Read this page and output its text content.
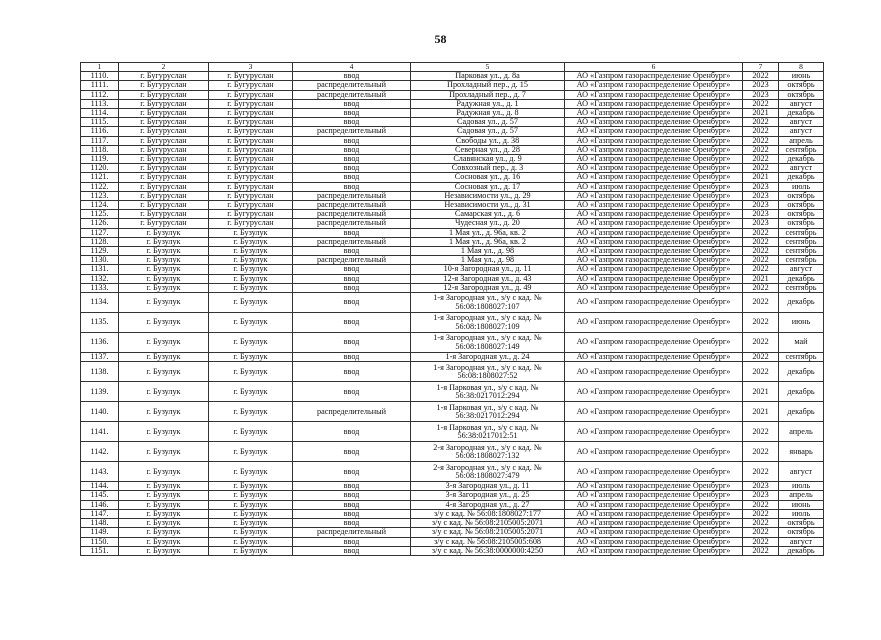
58
1	2	3	4	5	6	7	8
1110.	г. Бугуруслан	г. Бугуруслан	ввод	Парковая ул., д. 8а	АО «Газпром газораспределение Оренбург»	2022	июнь
1111.	г. Бугуруслан	г. Бугуруслан	распределительный	Прохладный пер., д. 15	АО «Газпром газораспределение Оренбург»	2023	октябрь
1112.	г. Бугуруслан	г. Бугуруслан	распределительный	Прохладный пер., д. 7	АО «Газпром газораспределение Оренбург»	2023	октябрь
1113.	г. Бугуруслан	г. Бугуруслан	ввод	Радужная ул., д. 1	АО «Газпром газораспределение Оренбург»	2022	август
1114.	г. Бугуруслан	г. Бугуруслан	ввод	Радужная ул., д. 8	АО «Газпром газораспределение Оренбург»	2021	декабрь
1115.	г. Бугуруслан	г. Бугуруслан	ввод	Садовая ул., д. 57	АО «Газпром газораспределение Оренбург»	2022	август
1116.	г. Бугуруслан	г. Бугуруслан	распределительный	Садовая ул., д. 57	АО «Газпром газораспределение Оренбург»	2022	август
1117.	г. Бугуруслан	г. Бугуруслан	ввод	Свободы ул., д. 38	АО «Газпром газораспределение Оренбург»	2022	апрель
1118.	г. Бугуруслан	г. Бугуруслан	ввод	Северная ул., д. 28	АО «Газпром газораспределение Оренбург»	2022	сентябрь
1119.	г. Бугуруслан	г. Бугуруслан	ввод	Славянская ул., д. 9	АО «Газпром газораспределение Оренбург»	2022	декабрь
1120.	г. Бугуруслан	г. Бугуруслан	ввод	Совхозный пер., д. 3	АО «Газпром газораспределение Оренбург»	2022	август
1121.	г. Бугуруслан	г. Бугуруслан	ввод	Сосновая ул., д. 16	АО «Газпром газораспределение Оренбург»	2021	декабрь
1122.	г. Бугуруслан	г. Бугуруслан	ввод	Сосновая ул., д. 17	АО «Газпром газораспределение Оренбург»	2023	июль
1123.	г. Бугуруслан	г. Бугуруслан	распределительный	Независимости ул., д. 29	АО «Газпром газораспределение Оренбург»	2023	октябрь
1124.	г. Бугуруслан	г. Бугуруслан	распределительный	Независимости ул., д. 31	АО «Газпром газораспределение Оренбург»	2023	октябрь
1125.	г. Бугуруслан	г. Бугуруслан	распределительный	Самарская ул., д. 6	АО «Газпром газораспределение Оренбург»	2023	октябрь
1126.	г. Бугуруслан	г. Бугуруслан	распределительный	Чудесная ул., д. 20	АО «Газпром газораспределение Оренбург»	2023	октябрь
1127.	г. Бузулук	г. Бузулук	ввод	1 Мая ул., д. 96а, кв. 2	АО «Газпром газораспределение Оренбург»	2022	сентябрь
1128.	г. Бузулук	г. Бузулук	распределительный	1 Мая ул., д. 96а, кв. 2	АО «Газпром газораспределение Оренбург»	2022	сентябрь
1129.	г. Бузулук	г. Бузулук	ввод	1 Мая ул., д. 98	АО «Газпром газораспределение Оренбург»	2022	сентябрь
1130.	г. Бузулук	г. Бузулук	распределительный	1 Мая ул., д. 98	АО «Газпром газораспределение Оренбург»	2022	сентябрь
1131.	г. Бузулук	г. Бузулук	ввод	10-я Загородная ул., д. 11	АО «Газпром газораспределение Оренбург»	2022	август
1132.	г. Бузулук	г. Бузулук	ввод	12-я Загородная ул., д. 43	АО «Газпром газораспределение Оренбург»	2021	декабрь
1133.	г. Бузулук	г. Бузулук	ввод	12-я Загородная ул., д. 49	АО «Газпром газораспределение Оренбург»	2022	сентябрь
1134.	г. Бузулук	г. Бузулук	ввод	1-я Загородная ул., з/у с кад. № 56:08:1808027:107	АО «Газпром газораспределение Оренбург»	2022	декабрь
1135.	г. Бузулук	г. Бузулук	ввод	1-я Загородная ул., з/у с кад. № 56:08:1808027:109	АО «Газпром газораспределение Оренбург»	2022	июнь
1136.	г. Бузулук	г. Бузулук	ввод	1-я Загородная ул., з/у с кад. № 56:08:1808027:149	АО «Газпром газораспределение Оренбург»	2022	май
1137.	г. Бузулук	г. Бузулук	ввод	1-я Загородная ул., д. 24	АО «Газпром газораспределение Оренбург»	2022	сентябрь
1138.	г. Бузулук	г. Бузулук	ввод	1-я Загородная ул., з/у с кад. № 56:08:1808027:52	АО «Газпром газораспределение Оренбург»	2022	декабрь
1139.	г. Бузулук	г. Бузулук	ввод	1-я Парковая ул., з/у с кад. № 56:38:0217012:294	АО «Газпром газораспределение Оренбург»	2021	декабрь
1140.	г. Бузулук	г. Бузулук	распределительный	1-я Парковая ул., з/у с кад. № 56:38:0217012:294	АО «Газпром газораспределение Оренбург»	2021	декабрь
1141.	г. Бузулук	г. Бузулук	ввод	1-я Парковая ул., з/у с кад. № 56:38:0217012:51	АО «Газпром газораспределение Оренбург»	2022	апрель
1142.	г. Бузулук	г. Бузулук	ввод	2-я Загородная ул., з/у с кад. № 56:08:1808027:132	АО «Газпром газораспределение Оренбург»	2022	январь
1143.	г. Бузулук	г. Бузулук	ввод	2-я Загородная ул., з/у с кад. № 56:08:1808027:479	АО «Газпром газораспределение Оренбург»	2022	август
1144.	г. Бузулук	г. Бузулук	ввод	3-я Загородная ул., д. 11	АО «Газпром газораспределение Оренбург»	2023	июль
1145.	г. Бузулук	г. Бузулук	ввод	3-я Загородная ул., д. 25	АО «Газпром газораспределение Оренбург»	2023	апрель
1146.	г. Бузулук	г. Бузулук	ввод	4-я Загородная ул., д. 27	АО «Газпром газораспределение Оренбург»	2022	июнь
1147.	г. Бузулук	г. Бузулук	ввод	з/у с кад. № 56:08:1808027:177	АО «Газпром газораспределение Оренбург»	2022	июль
1148.	г. Бузулук	г. Бузулук	ввод	з/у с кад. № 56:08:2105005:2071	АО «Газпром газораспределение Оренбург»	2022	октябрь
1149.	г. Бузулук	г. Бузулук	распределительный	з/у с кад. № 56:08:2105005:2071	АО «Газпром газораспределение Оренбург»	2022	октябрь
1150.	г. Бузулук	г. Бузулук	ввод	з/у с кад. № 56:08:2105005:608	АО «Газпром газораспределение Оренбург»	2022	август
1151.	г. Бузулук	г. Бузулук	ввод	з/у с кад. № 56:38:0000000:4250	АО «Газпром газораспределение Оренбург»	2022	декабрь
